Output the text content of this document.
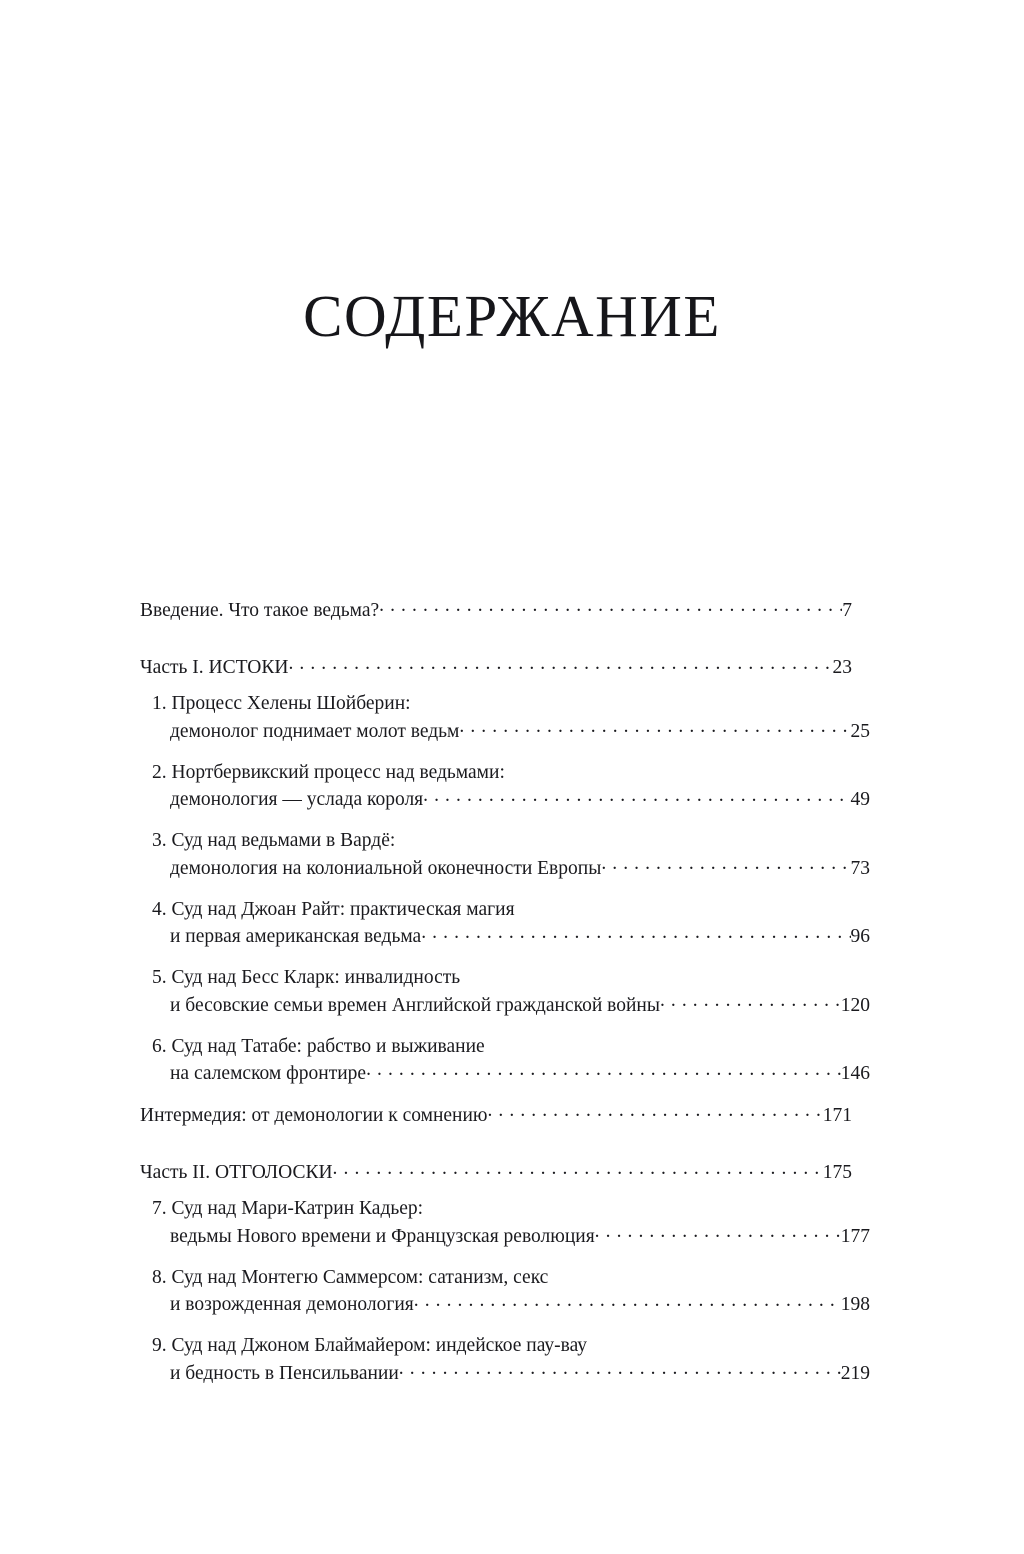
СОДЕРЖАНИЕ
Введение. Что такое ведьма? . . .	7
Часть I. ИСТОКИ . . .	23
1. Процесс Хелены Шойберин:
демонолог поднимает молот ведьм . . .	25
2. Нортбервикский процесс над ведьмами:
демонология — услада короля . . .	49
3. Суд над ведьмами в Вардё:
демонология на колониальной оконечности Европы . . .	73
4. Суд над Джоан Райт: практическая магия
и первая американская ведьма . . .	96
5. Суд над Бесс Кларк: инвалидность
и бесовские семьи времен Английской гражданской войны . . .	120
6. Суд над Татабе: рабство и выживание
на салемском фронтире . . .	146
Интермедия: от демонологии к сомнению . . .	171
Часть II. ОТГОЛОСКИ . . .	175
7. Суд над Мари-Катрин Кадьер:
ведьмы Нового времени и Французская революция . . .	177
8. Суд над Монтегю Саммерсом: сатанизм, секс
и возрожденная демонология . . .	198
9. Суд над Джоном Блаймайером: индейское пау-вау
и бедность в Пенсильвании . . .	219
